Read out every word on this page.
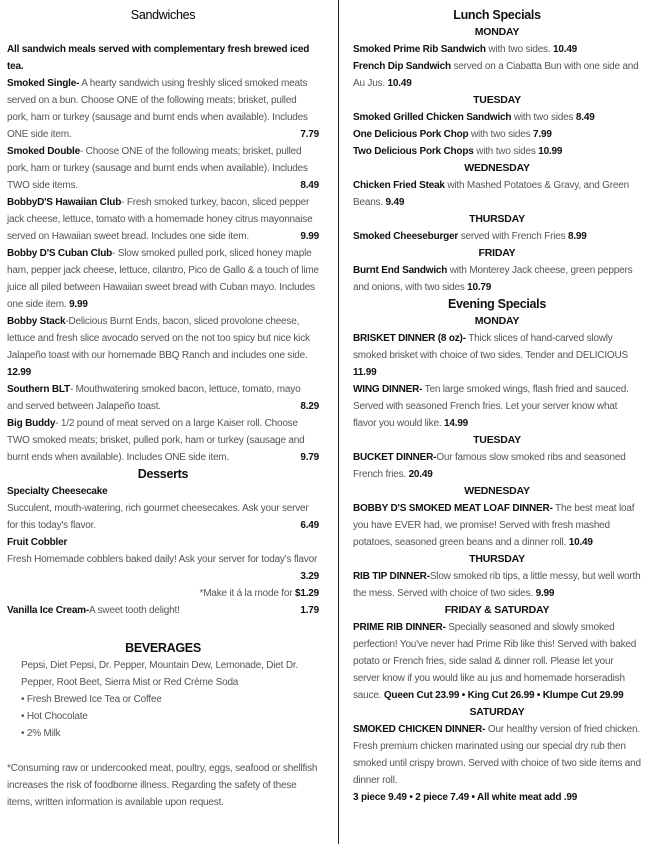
Sandwiches
All sandwich meals served with complementary fresh brewed iced tea.
Smoked Single- A hearty sandwich using freshly sliced smoked meats served on a bun. Choose ONE of the following meats; brisket, pulled pork, ham or turkey (sausage and burnt ends when available). Includes ONE side item.	7.79
Smoked Double- Choose ONE of the following meats; brisket, pulled pork, ham or turkey (sausage and burnt ends when available). Includes TWO side items.	8.49
BobbyD'S Hawaiian Club- Fresh smoked turkey, bacon, sliced pepper jack cheese, lettuce, tomato with a homemade honey citrus mayonnaise served on Hawaiian sweet bread. Includes one side item.	9.99
Bobby D'S Cuban Club- Slow smoked pulled pork, sliced honey maple ham, pepper jack cheese, lettuce, cilantro, Pico de Gallo & a touch of lime juice all piled between Hawaiian sweet bread with Cuban mayo. Includes one side item. 9.99
Bobby Stack-Delicious Burnt Ends, bacon, sliced provolone cheese, lettuce and fresh slice avocado served on the not too spicy but nice kick Jalapeño toast with our homemade BBQ Ranch and includes one side. 12.99
Southern BLT- Mouthwatering smoked bacon, lettuce, tomato, mayo and served between Jalapeño toast.	8.29
Big Buddy- 1/2 pound of meat served on a large Kaiser roll. Choose TWO smoked meats; brisket, pulled pork, ham or turkey (sausage and burnt ends when available). Includes ONE side item.	9.79
Desserts
Specialty Cheesecake
Succulent, mouth-watering, rich gourmet cheesecakes. Ask your server for this today's flavor.	6.49
Fruit Cobbler
Fresh Homemade cobblers baked daily! Ask your server for today's flavor
3.29
*Make it á la mode for $1.29
Vanilla Ice Cream-A sweet tooth delight!	1.79
BEVERAGES
Pepsi, Diet Pepsi, Dr. Pepper, Mountain Dew, Lemonade, Diet Dr. Pepper, Root Beet, Sierra Mist or Red Crème Soda
• Fresh Brewed Ice Tea or Coffee
• Hot Chocolate
• 2% Milk
*Consuming raw or undercooked meat, poultry, eggs, seafood or shellfish increases the risk of foodborne illness. Regarding the safety of these items, written information is available upon request.
Lunch Specials
MONDAY
Smoked Prime Rib Sandwich with two sides. 10.49
French Dip Sandwich served on a Ciabatta Bun with one side and Au Jus. 10.49
TUESDAY
Smoked Grilled Chicken Sandwich with two sides 8.49
One Delicious Pork Chop with two sides 7.99
Two Delicious Pork Chops with two sides 10.99
WEDNESDAY
Chicken Fried Steak with Mashed Potatoes & Gravy, and Green Beans. 9.49
THURSDAY
Smoked Cheeseburger served with French Fries 8.99
FRIDAY
Burnt End Sandwich with Monterey Jack cheese, green peppers and onions, with two sides 10.79
Evening Specials
MONDAY
BRISKET DINNER (8 oz)- Thick slices of hand-carved slowly smoked brisket with choice of two sides. Tender and DELICIOUS 11.99
WING DINNER- Ten large smoked wings, flash fried and sauced. Served with seasoned French fries. Let your server know what flavor you would like. 14.99
TUESDAY
BUCKET DINNER-Our famous slow smoked ribs and seasoned French fries. 20.49
WEDNESDAY
BOBBY D'S SMOKED MEAT LOAF DINNER- The best meat loaf you have EVER had, we promise! Served with fresh mashed potatoes, seasoned green beans and a dinner roll. 10.49
THURSDAY
RIB TIP DINNER-Slow smoked rib tips, a little messy, but well worth the mess. Served with choice of two sides. 9.99
FRIDAY & SATURDAY
PRIME RIB DINNER- Specially seasoned and slowly smoked perfection! You've never had Prime Rib like this! Served with baked potato or French fries, side salad & dinner roll. Please let your server know if you would like au jus and homemade horseradish sauce. Queen Cut 23.99 • King Cut 26.99 • Klumpe Cut 29.99
SATURDAY
SMOKED CHICKEN DINNER- Our healthy version of fried chicken. Fresh premium chicken marinated using our special dry rub then smoked until crispy brown. Served with choice of two side items and dinner roll.
3 piece 9.49 • 2 piece 7.49 • All white meat add .99
